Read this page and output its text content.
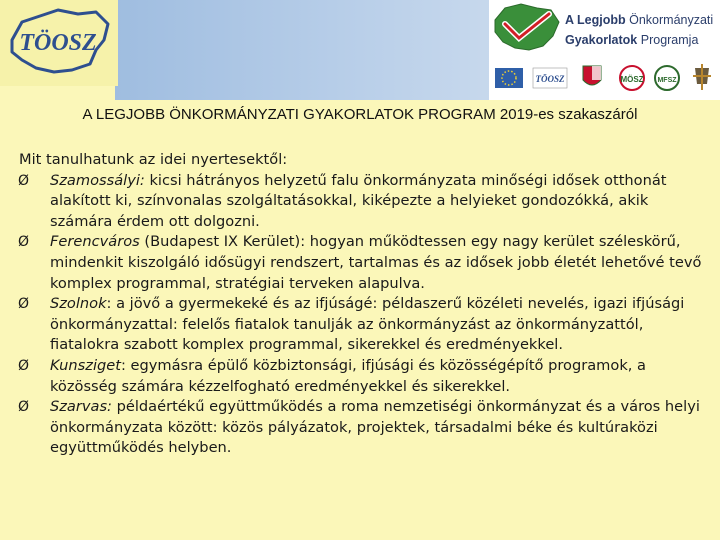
TÖOSZ
A Legjobb Önkormányzati
Gyakorlatok Programja
TÖOSZ	MÖSZ MFSZ
A LEGJOBB ÖNKORMÁNYZATI GYAKORLATOK PROGRAM 2019-es szakaszáról

Mit tanulhatunk az idei nyertesektől:

Ø	Szamossályi: kicsi hátrányos helyzetű falu önkormányzata minőségi idősek otthonát alakított ki, színvonalas szolgáltatásokkal, kiképezte a helyieket gondozókká, akik számára érdem ott dolgozni.
Ø	Ferencváros (Budapest IX Kerület): hogyan működtessen egy nagy kerület széleskörű, mindenkit kiszolgáló idősügyi rendszert, tartalmas és az idősek jobb életét lehetővé tevő komplex programmal, stratégiai terveken alapulva.
Ø	Szolnok: a jövő a gyermekeké és az ifjúságé: példaszerű közéleti nevelés, igazi ifjúsági önkormányzattal: felelős fiatalok tanulják az önkormányzást az önkormányzattól, fiatalokra szabott komplex programmal, sikerekkel és eredményekkel.
Ø	Kunsziget: egymásra épülő közbiztonsági, ifjúsági és közösségépítő programok, a közösség számára kézzelfogható eredményekkel és sikerekkel.
Ø	Szarvas: példaértékű együttműködés a roma nemzetiségi önkormányzat és a város helyi önkormányzata között: közös pályázatok, projektek, társadalmi béke és kultúraközi együttműködés helyben.
